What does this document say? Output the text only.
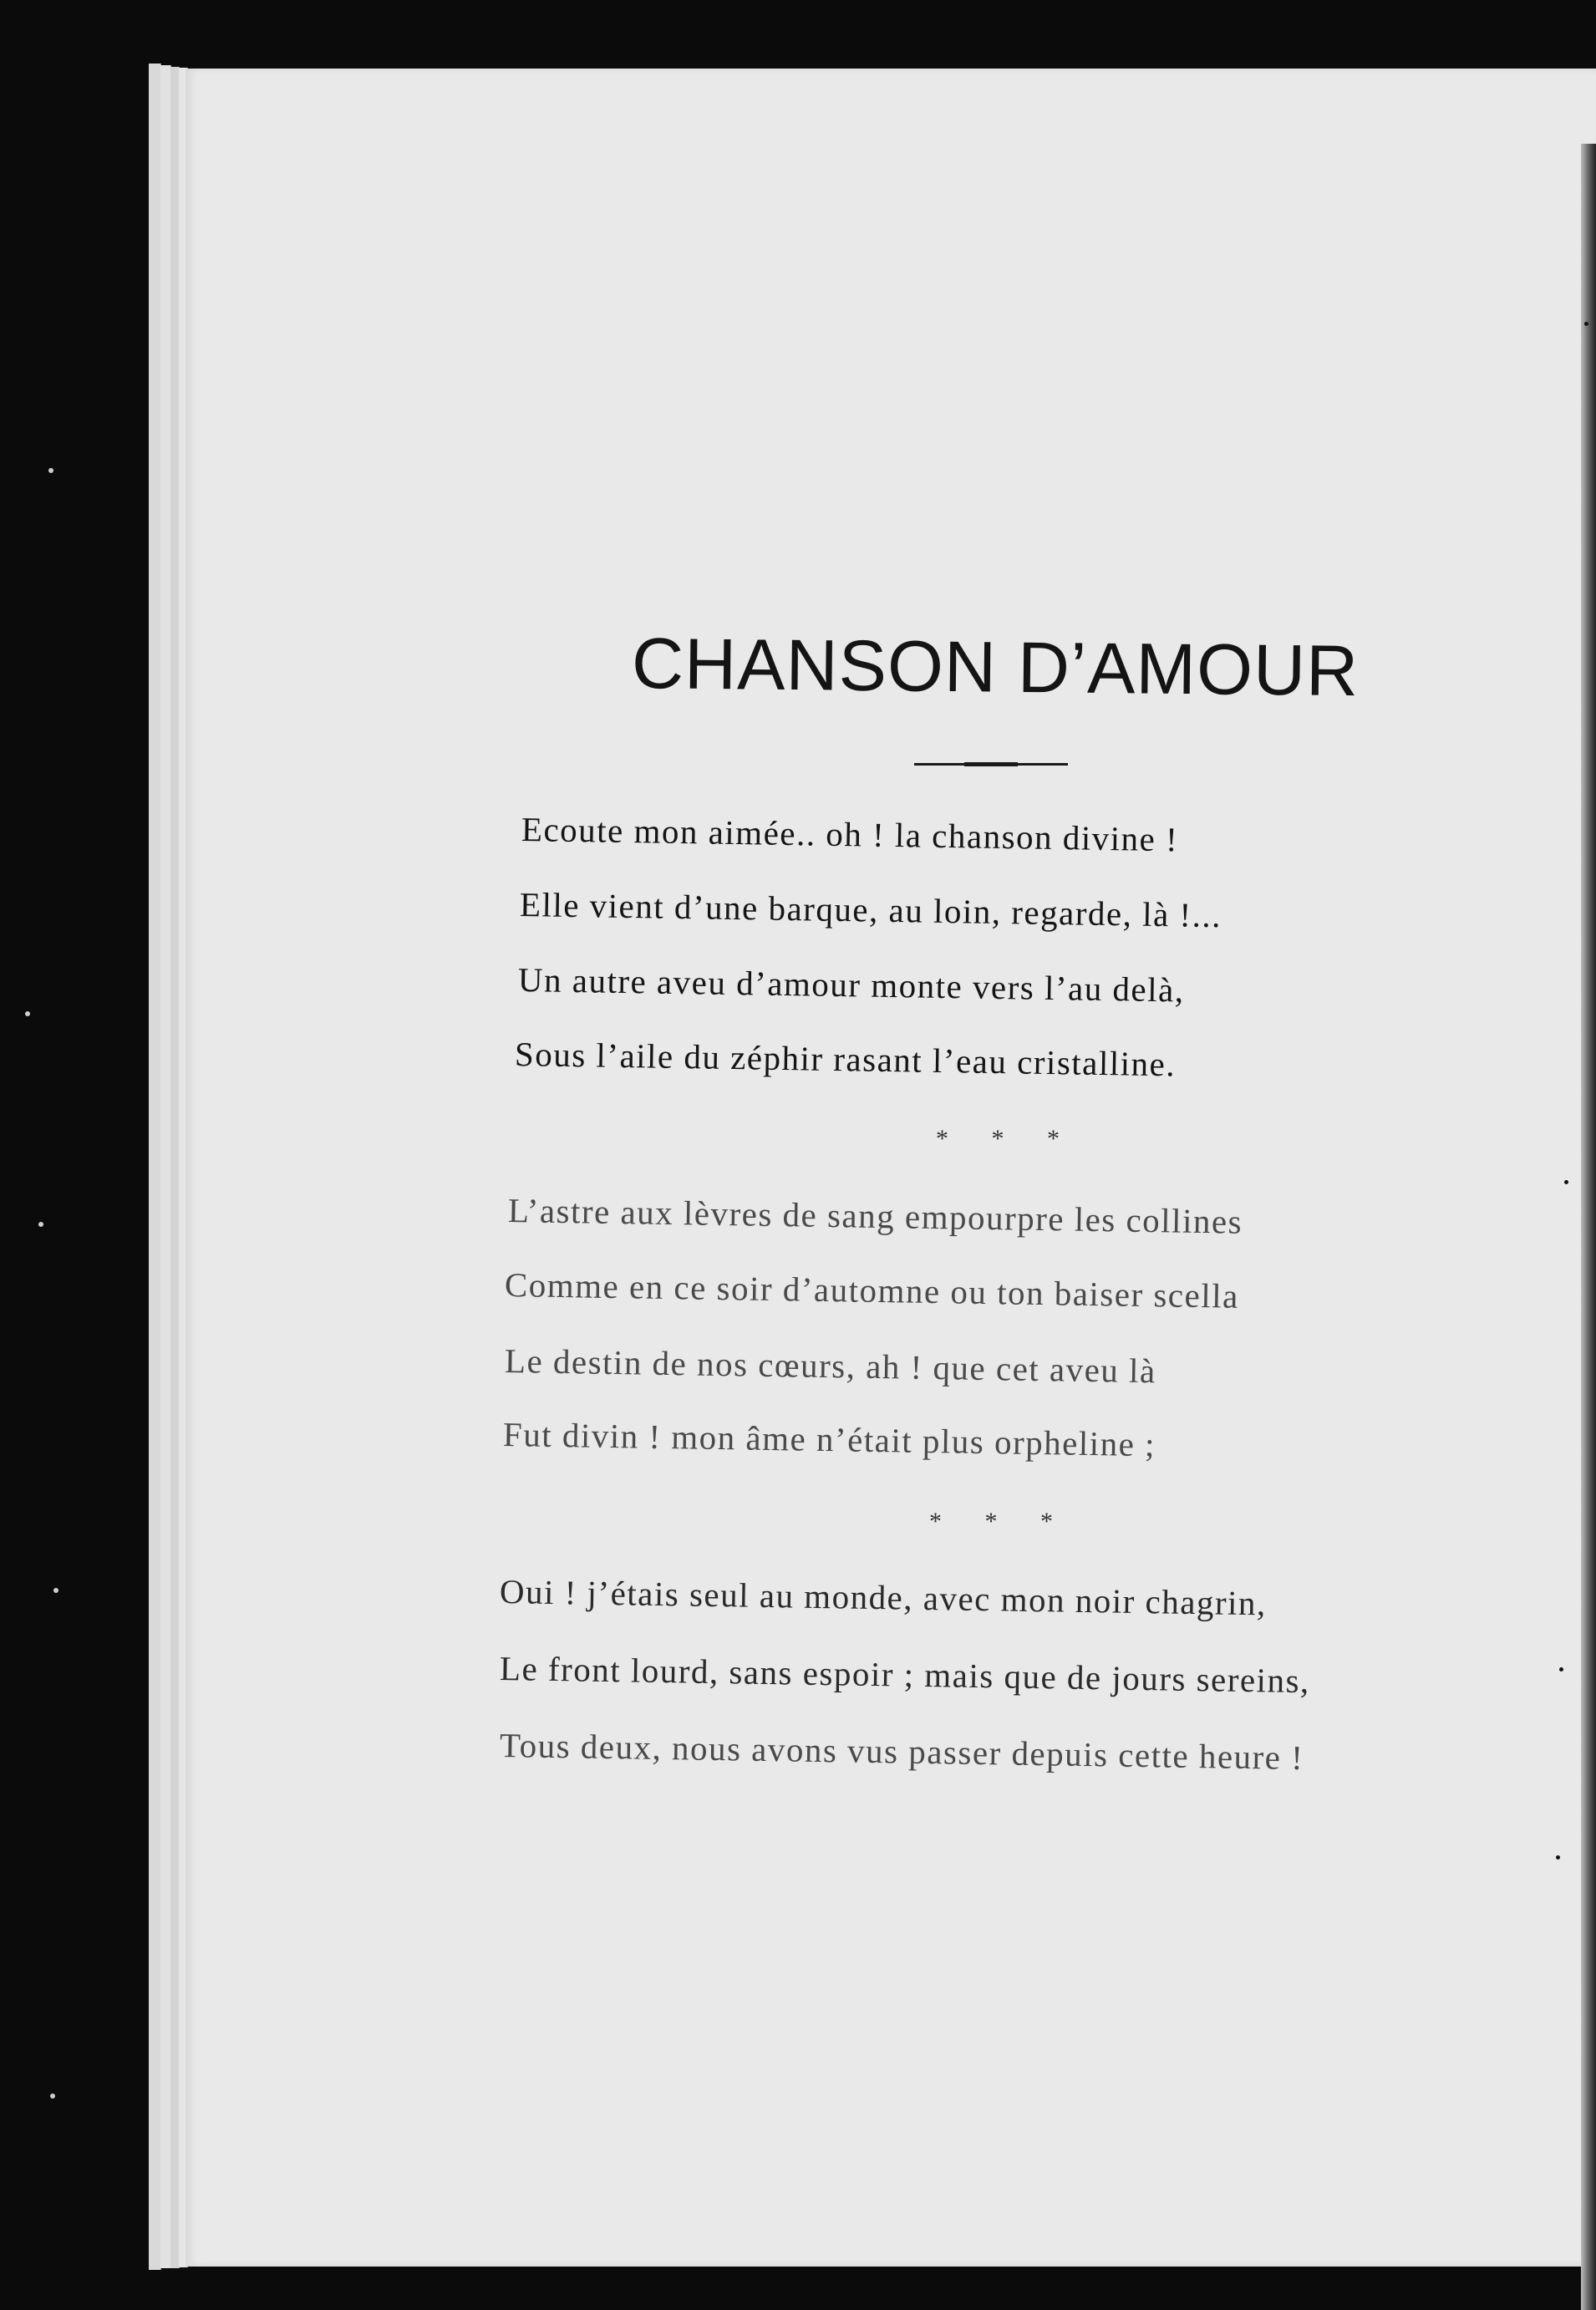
CHANSON D’AMOUR

Ecoute mon aimée.. oh ! la chanson divine !

Elle vient d’une barque, au loin, regarde, là !...

Un autre aveu d’amour monte vers l’au delà,

Sous l’aile du zéphir rasant l’eau cristalline.

* * *

L’astre aux lèvres de sang empourpre les collines

Comme en ce soir d’automne ou ton baiser scella

Le destin de nos cœurs, ah ! que cet aveu là

Fut divin ! mon âme n’était plus orpheline ;

* * *

Oui ! j’étais seul au monde, avec mon noir chagrin,

Le front lourd, sans espoir ; mais que de jours sereins,

Tous deux, nous avons vus passer depuis cette heure !
